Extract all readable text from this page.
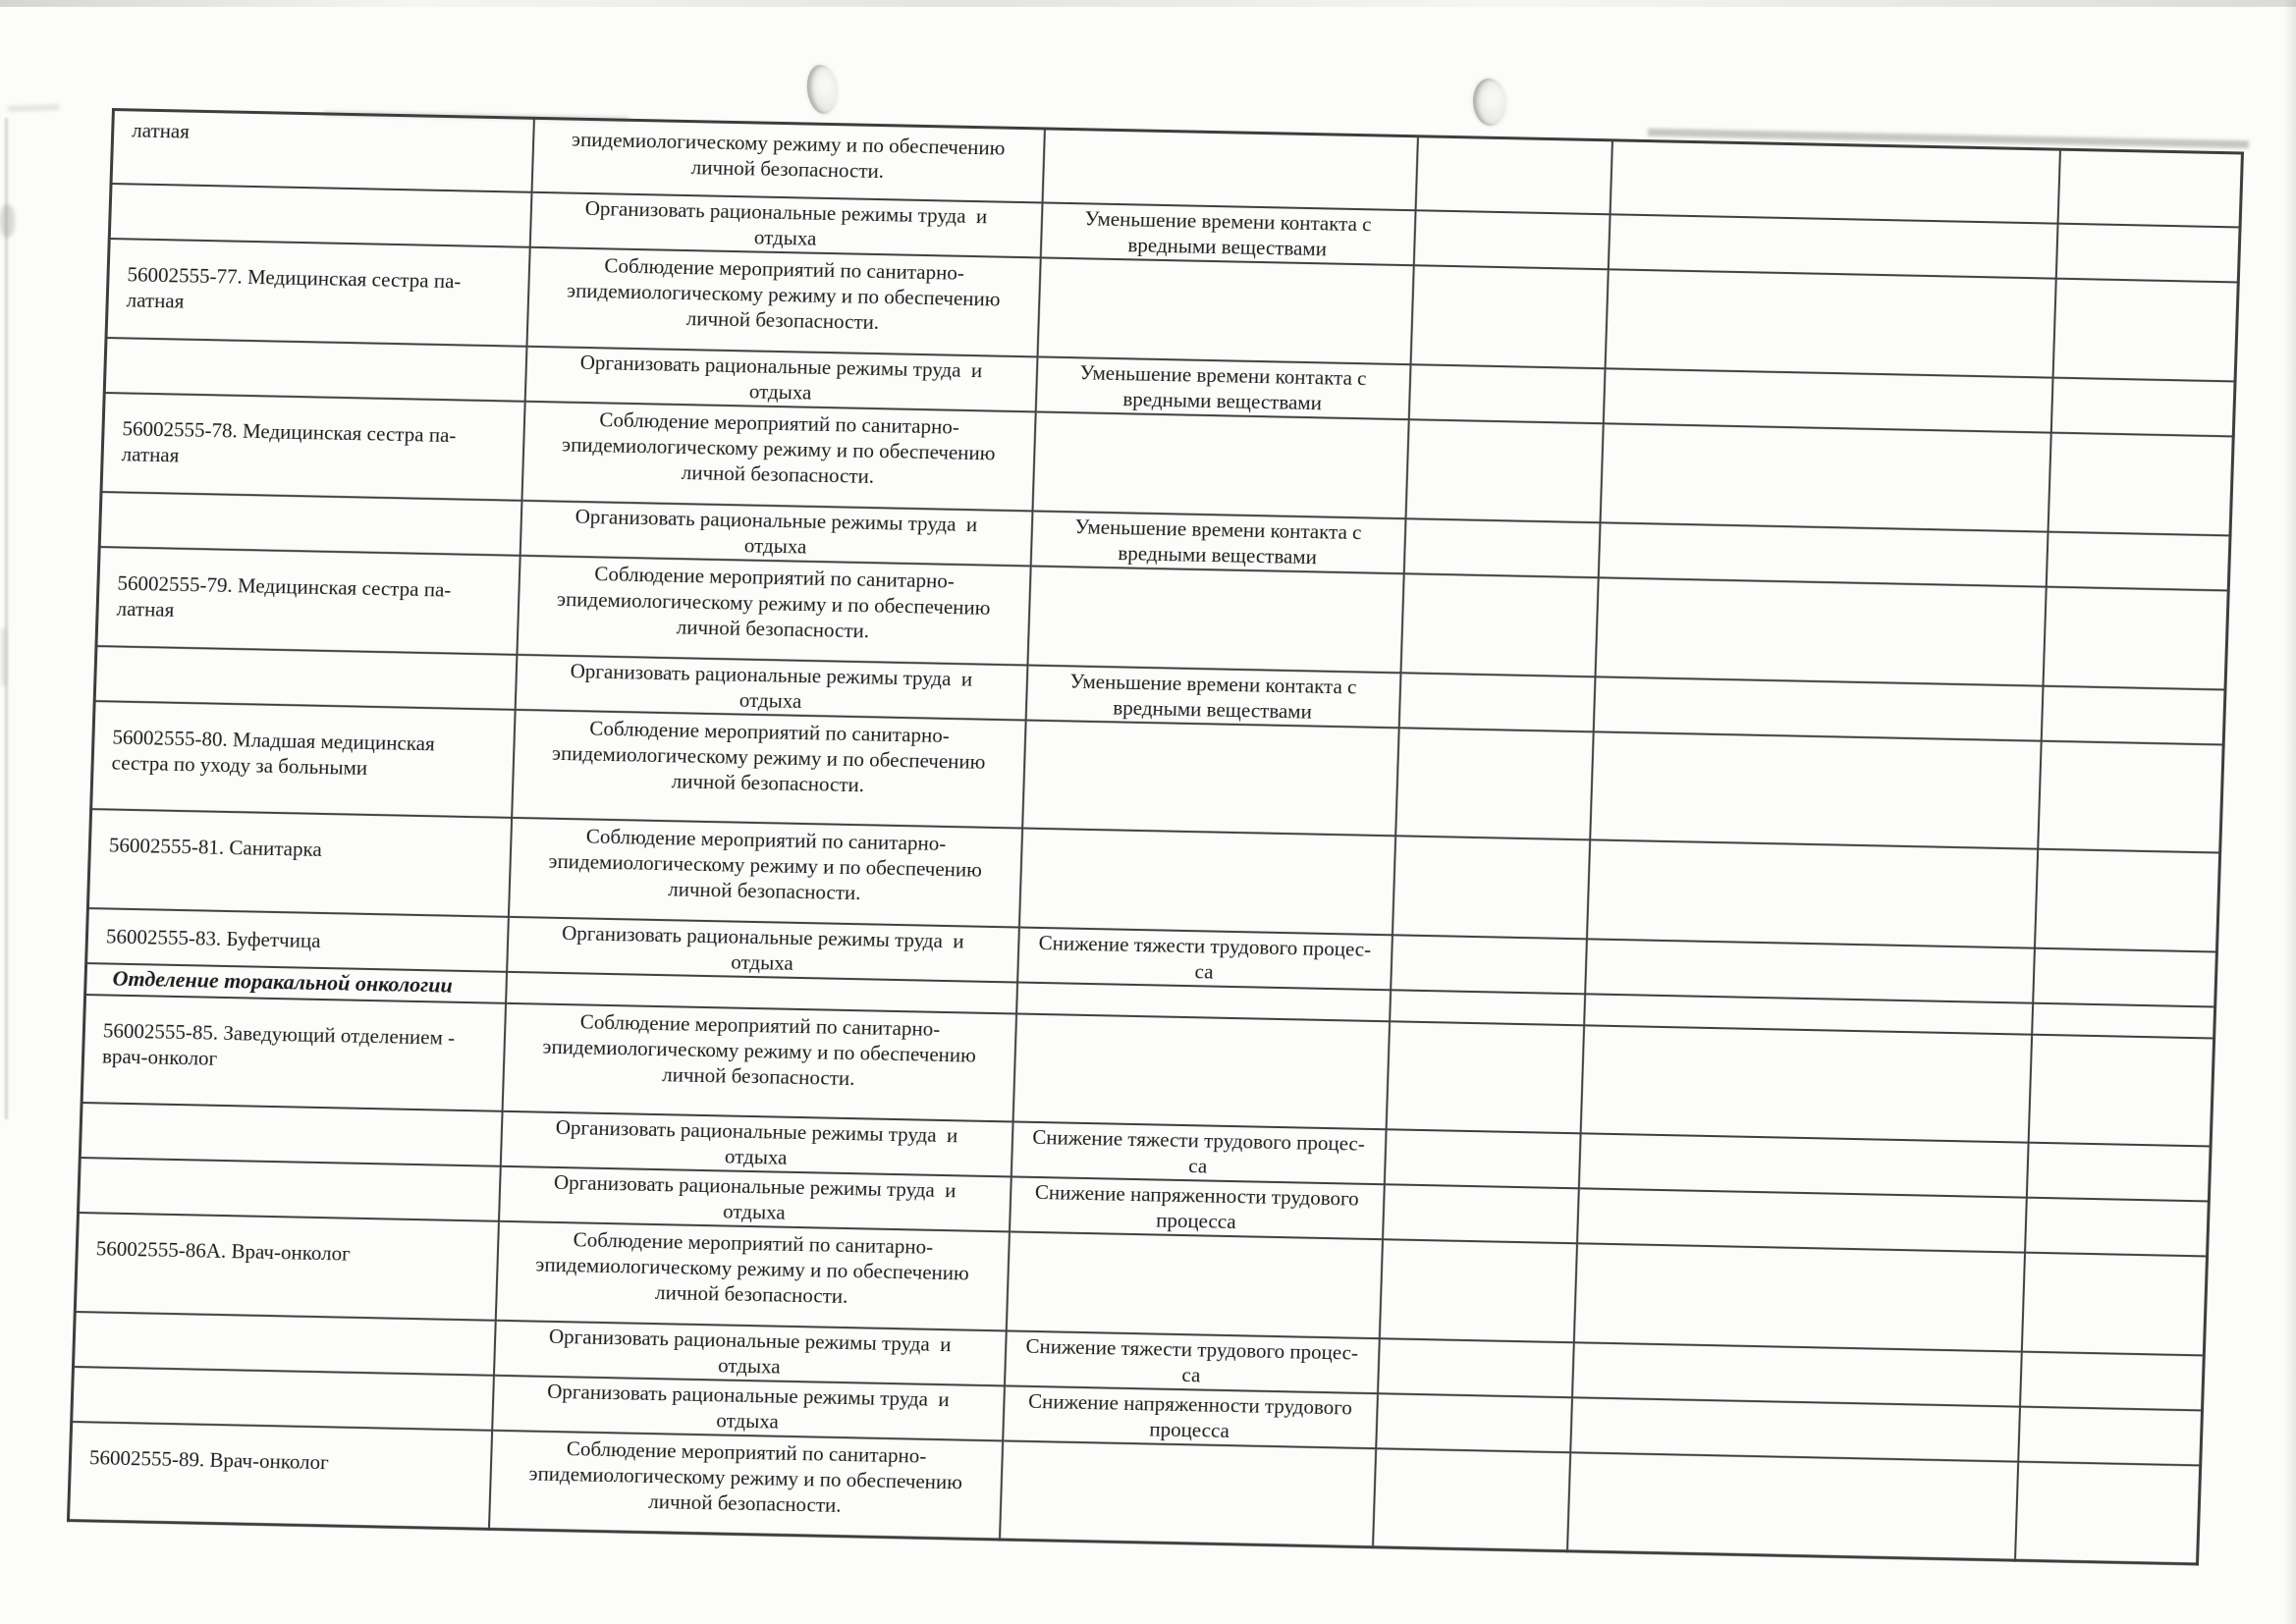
латная	эпидемиологическому режиму и по обеспечению
личной безопасности.				
	Организовать рациональные режимы труда  и
отдыха	Уменьшение времени контакта с
вредными веществами			
56002555-77. Медицинская сестра па-
латная	Соблюдение мероприятий по санитарно-
эпидемиологическому режиму и по обеспечению
личной безопасности.				
	Организовать рациональные режимы труда  и
отдыха	Уменьшение времени контакта с
вредными веществами			
56002555-78. Медицинская сестра па-
латная	Соблюдение мероприятий по санитарно-
эпидемиологическому режиму и по обеспечению
личной безопасности.				
	Организовать рациональные режимы труда  и
отдыха	Уменьшение времени контакта с
вредными веществами			
56002555-79. Медицинская сестра па-
латная	Соблюдение мероприятий по санитарно-
эпидемиологическому режиму и по обеспечению
личной безопасности.				
	Организовать рациональные режимы труда  и
отдыха	Уменьшение времени контакта с
вредными веществами			
56002555-80. Младшая медицинская
сестра по уходу за больными	Соблюдение мероприятий по санитарно-
эпидемиологическому режиму и по обеспечению
личной безопасности.				
56002555-81. Санитарка	Соблюдение мероприятий по санитарно-
эпидемиологическому режиму и по обеспечению
личной безопасности.				
56002555-83. Буфетчица	Организовать рациональные режимы труда  и
отдыха	Снижение тяжести трудового процес-
са			
Отделение торакальной онкологии					
56002555-85. Заведующий отделением -
врач-онколог	Соблюдение мероприятий по санитарно-
эпидемиологическому режиму и по обеспечению
личной безопасности.				
	Организовать рациональные режимы труда  и
отдыха	Снижение тяжести трудового процес-
са			
	Организовать рациональные режимы труда  и
отдыха	Снижение напряженности трудового
процесса			
56002555-86А. Врач-онколог	Соблюдение мероприятий по санитарно-
эпидемиологическому режиму и по обеспечению
личной безопасности.				
	Организовать рациональные режимы труда  и
отдыха	Снижение тяжести трудового процес-
са			
	Организовать рациональные режимы труда  и
отдыха	Снижение напряженности трудового
процесса			
56002555-89. Врач-онколог	Соблюдение мероприятий по санитарно-
эпидемиологическому режиму и по обеспечению
личной безопасности.				
